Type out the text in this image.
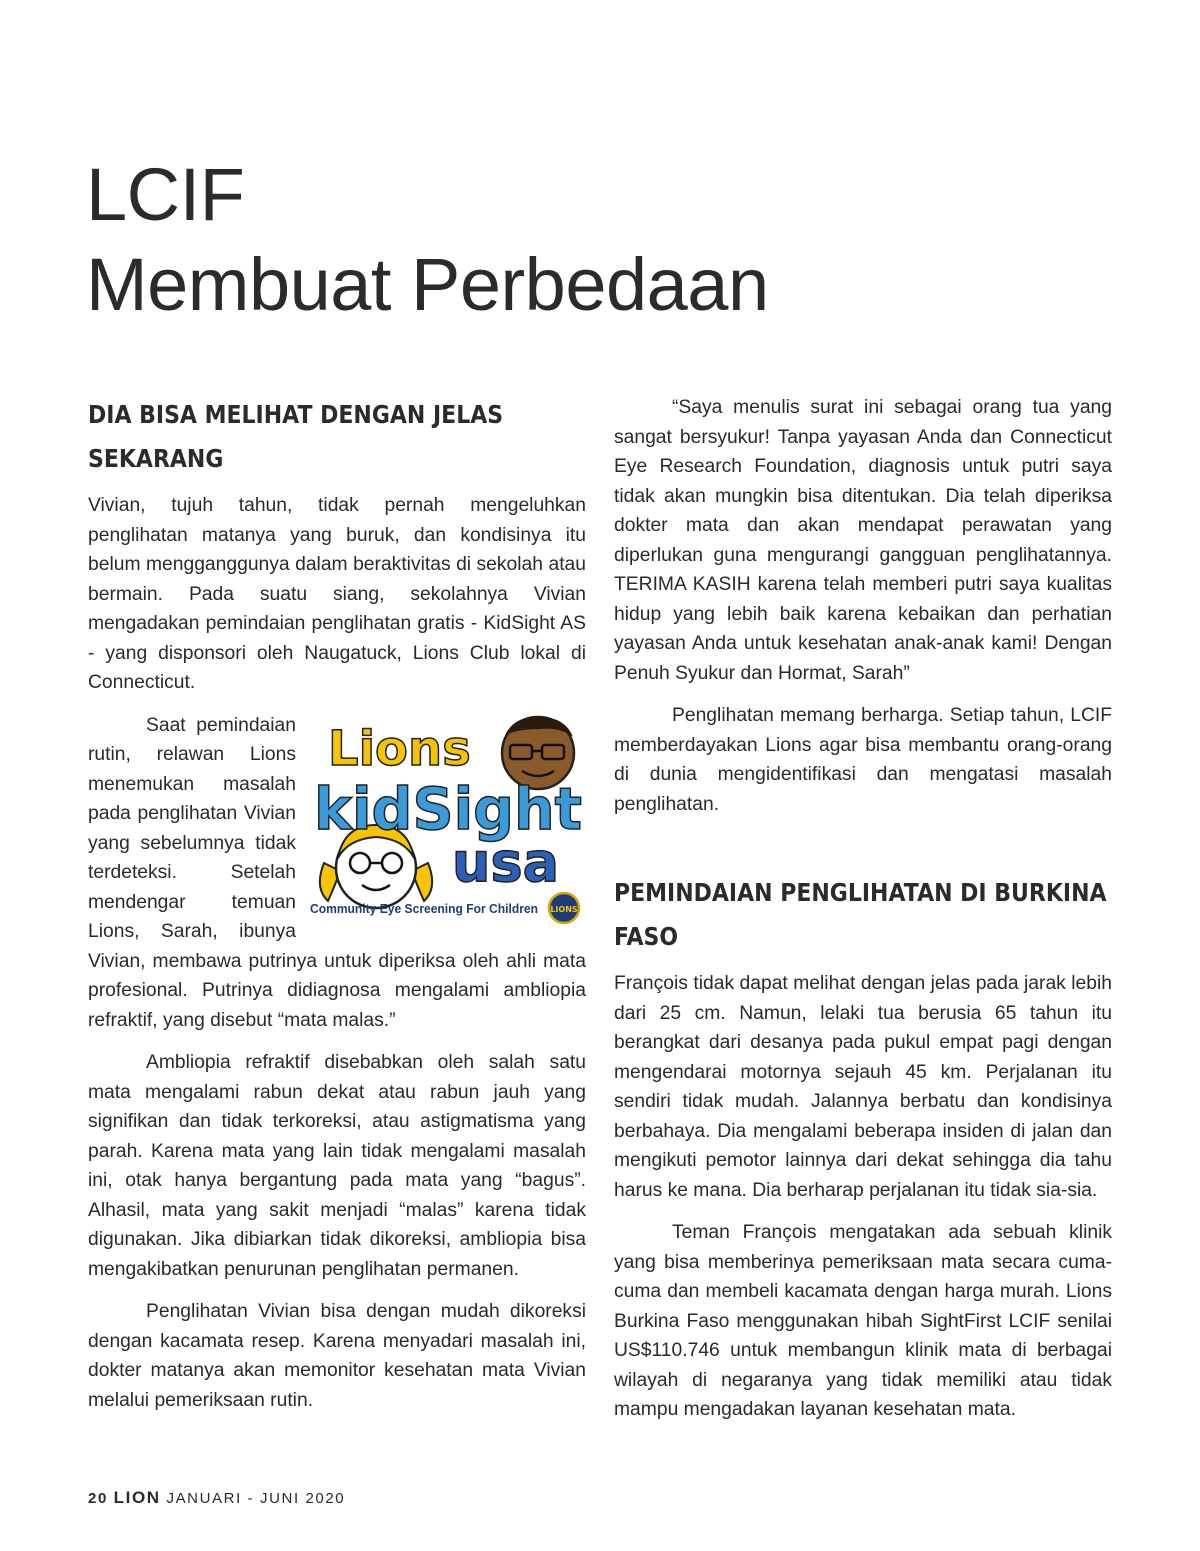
LCIF
Membuat Perbedaan
DIA BISA MELIHAT DENGAN JELAS SEKARANG

Vivian, tujuh tahun, tidak pernah mengeluhkan penglihatan matanya yang buruk, dan kondisinya itu belum mengganggunya dalam beraktivitas di sekolah atau bermain. Pada suatu siang, sekolahnya Vivian mengadakan pemindaian penglihatan gratis - KidSight AS - yang disponsori oleh Naugatuck, Lions Club lokal di Connecticut.

Lions
kidSight
usa
Community Eye Screening For Children LIONS

Saat pemindaian rutin, relawan Lions menemukan masalah pada penglihatan Vivian yang sebelumnya tidak terdeteksi. Setelah mendengar temuan Lions, Sarah, ibunya Vivian, membawa putrinya untuk diperiksa oleh ahli mata profesional. Putrinya didiagnosa mengalami ambliopia refraktif, yang disebut “mata malas.”

Ambliopia refraktif disebabkan oleh salah satu mata mengalami rabun dekat atau rabun jauh yang signifikan dan tidak terkoreksi, atau astigmatisma yang parah. Karena mata yang lain tidak mengalami masalah ini, otak hanya bergantung pada mata yang “bagus”. Alhasil, mata yang sakit menjadi “malas” karena tidak digunakan. Jika dibiarkan tidak dikoreksi, ambliopia bisa mengakibatkan penurunan penglihatan permanen.

Penglihatan Vivian bisa dengan mudah dikoreksi dengan kacamata resep. Karena menyadari masalah ini, dokter matanya akan memonitor kesehatan mata Vivian melalui pemeriksaan rutin.

“Saya menulis surat ini sebagai orang tua yang sangat bersyukur! Tanpa yayasan Anda dan Connecticut Eye Research Foundation, diagnosis untuk putri saya tidak akan mungkin bisa ditentukan. Dia telah diperiksa dokter mata dan akan mendapat perawatan yang diperlukan guna mengurangi gangguan penglihatannya. TERIMA KASIH karena telah memberi putri saya kualitas hidup yang lebih baik karena kebaikan dan perhatian yayasan Anda untuk kesehatan anak-anak kami! Dengan Penuh Syukur dan Hormat, Sarah”

Penglihatan memang berharga. Setiap tahun, LCIF memberdayakan Lions agar bisa membantu orang-orang di dunia mengidentifikasi dan mengatasi masalah penglihatan.

PEMINDAIAN PENGLIHATAN DI BURKINA FASO

François tidak dapat melihat dengan jelas pada jarak lebih dari 25 cm. Namun, lelaki tua berusia 65 tahun itu berangkat dari desanya pada pukul empat pagi dengan mengendarai motornya sejauh 45 km. Perjalanan itu sendiri tidak mudah. Jalannya berbatu dan kondisinya berbahaya. Dia mengalami beberapa insiden di jalan dan mengikuti pemotor lainnya dari dekat sehingga dia tahu harus ke mana. Dia berharap perjalanan itu tidak sia-sia.

Teman François mengatakan ada sebuah klinik yang bisa memberinya pemeriksaan mata secara cuma-cuma dan membeli kacamata dengan harga murah. Lions Burkina Faso menggunakan hibah SightFirst LCIF senilai US$110.746 untuk membangun klinik mata di berbagai wilayah di negaranya yang tidak memiliki atau tidak mampu mengadakan layanan kesehatan mata.

20 LION JANUARI - JUNI 2020
